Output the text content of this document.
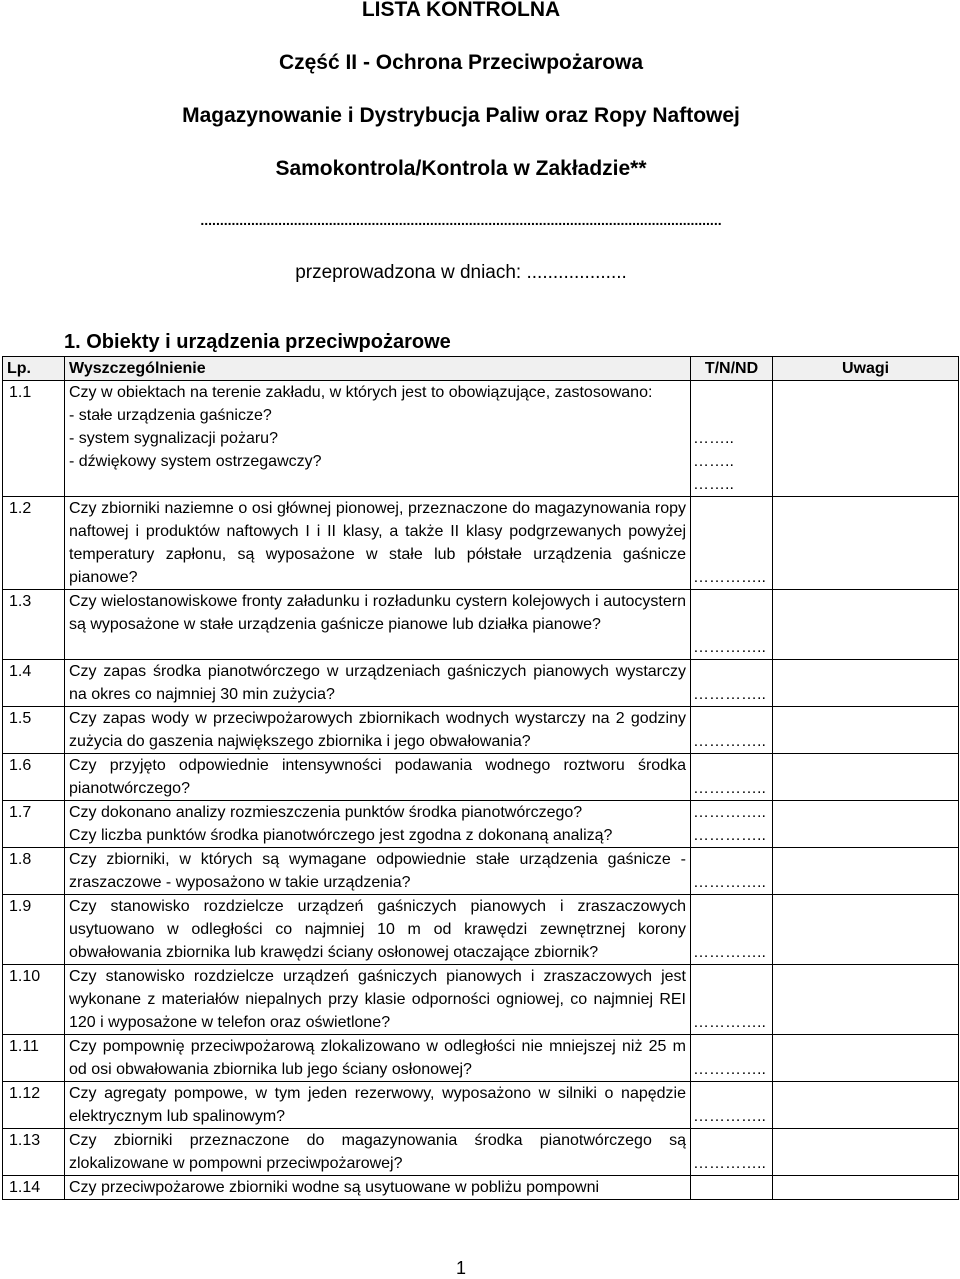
LISTA KONTROLNA
Część II - Ochrona Przeciwpożarowa
Magazynowanie i Dystrybucja Paliw oraz Ropy Naftowej
Samokontrola/Kontrola w Zakładzie**
......................................................................................................................................
przeprowadzona w dniach: ...................
1. Obiekty i urządzenia przeciwpożarowe
Lp.	Wyszczególnienie	T/N/ND	Uwagi
1.1	Czy w obiektach na terenie zakładu, w których jest to obowiązujące, zastosowano:
- stałe urządzenia gaśnicze?
- system sygnalizacji pożaru?
- dźwiękowy system ostrzegawczy?	……..
……..
……..	

1.2	Czy zbiorniki naziemne o osi głównej pionowej, przeznaczone do magazynowania ropy naftowej i produktów naftowych I i II klasy, a także II klasy podgrzewanych powyżej temperatury zapłonu, są wyposażone w stałe lub półstałe urządzenia gaśnicze pianowe?	…………..	

1.3	Czy wielostanowiskowe fronty załadunku i rozładunku cystern kolejowych i autocystern są wyposażone w stałe urządzenia gaśnicze pianowe lub działka pianowe?	…………..	

1.4	Czy zapas środka pianotwórczego w urządzeniach gaśniczych pianowych wystarczy na okres co najmniej 30 min zużycia?	…………..	

1.5	Czy zapas wody w przeciwpożarowych zbiornikach wodnych wystarczy na 2 godziny zużycia do gaszenia największego zbiornika i jego obwałowania?	…………..	

1.6	Czy przyjęto odpowiednie intensywności podawania wodnego roztworu środka pianotwórczego?	…………..	

1.7	Czy dokonano analizy rozmieszczenia punktów środka pianotwórczego?
Czy liczba punktów środka pianotwórczego jest zgodna z dokonaną analizą?	…………..
…………..	

1.8	Czy zbiorniki, w których są wymagane odpowiednie stałe urządzenia gaśnicze - zraszaczowe - wyposażono w takie urządzenia?	…………..	

1.9	Czy stanowisko rozdzielcze urządzeń gaśniczych pianowych i zraszaczowych usytuowano w odległości co najmniej 10 m od krawędzi zewnętrznej korony obwałowania zbiornika lub krawędzi ściany osłonowej otaczające zbiornik?	…………..	

1.10	Czy stanowisko rozdzielcze urządzeń gaśniczych pianowych i zraszaczowych jest wykonane z materiałów niepalnych przy klasie odporności ogniowej, co najmniej REI 120 i wyposażone w telefon oraz oświetlone?	…………..	

1.11	Czy pompownię przeciwpożarową zlokalizowano w odległości nie mniejszej niż 25 m od osi obwałowania zbiornika lub jego ściany osłonowej?	…………..	

1.12	Czy agregaty pompowe, w tym jeden rezerwowy, wyposażono w silniki o napędzie elektrycznym lub spalinowym?	…………..	

1.13	Czy zbiorniki przeznaczone do magazynowania środka pianotwórczego są zlokalizowane w pompowni przeciwpożarowej?	…………..	

1.14	Czy przeciwpożarowe zbiorniki wodne są usytuowane w pobliżu pompowni		
1
